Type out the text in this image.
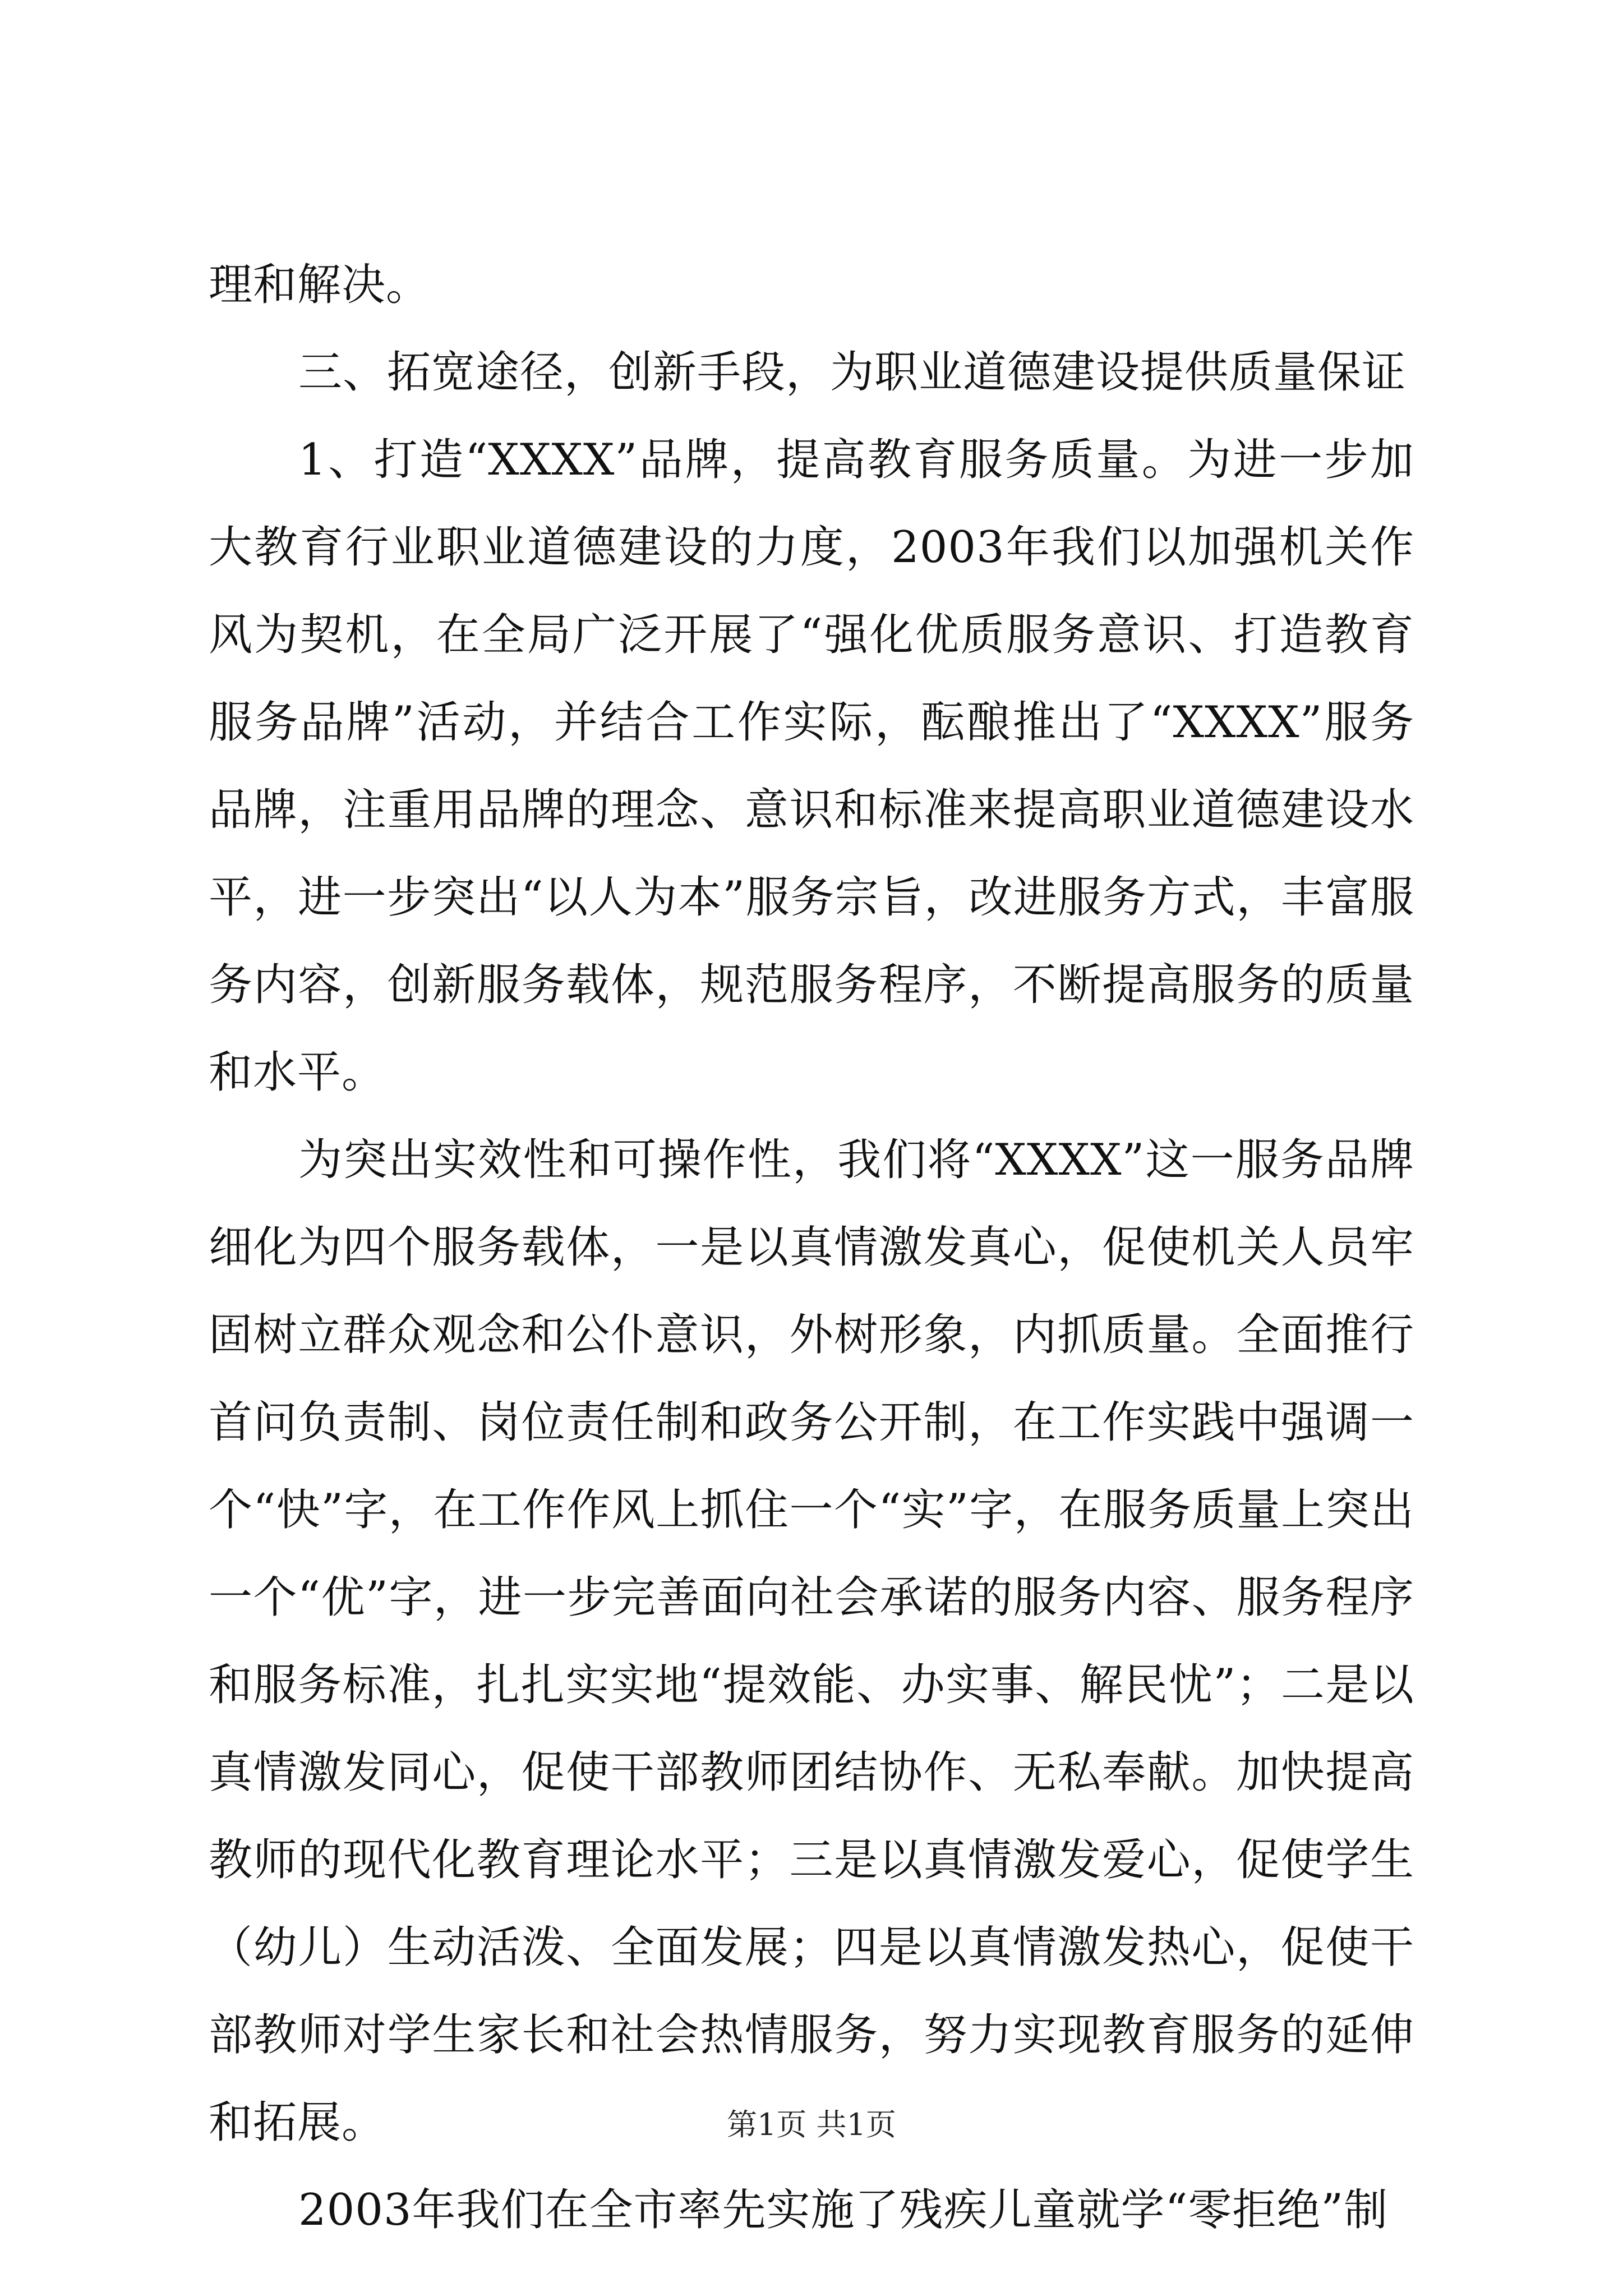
理和解决。

三、拓宽途径，创新手段，为职业道德建设提供质量保证

1、打造“XXXX”品牌，提高教育服务质量。为进一步加大教育行业职业道德建设的力度，2003年我们以加强机关作风为契机，在全局广泛开展了“强化优质服务意识、打造教育服务品牌”活动，并结合工作实际，酝酿推出了“XXXX”服务品牌，注重用品牌的理念、意识和标准来提高职业道德建设水平，进一步突出“以人为本”服务宗旨，改进服务方式，丰富服务内容，创新服务载体，规范服务程序，不断提高服务的质量和水平。

为突出实效性和可操作性，我们将“XXXX”这一服务品牌细化为四个服务载体，一是以真情激发真心，促使机关人员牢固树立群众观念和公仆意识，外树形象，内抓质量。全面推行首问负责制、岗位责任制和政务公开制，在工作实践中强调一个“快”字，在工作作风上抓住一个“实”字，在服务质量上突出一个“优”字，进一步完善面向社会承诺的服务内容、服务程序和服务标准，扎扎实实地“提效能、办实事、解民忧”；二是以真情激发同心，促使干部教师团结协作、无私奉献。加快提高教师的现代化教育理论水平；三是以真情激发爱心，促使学生（幼儿）生动活泼、全面发展；四是以真情激发热心，促使干部教师对学生家长和社会热情服务，努力实现教育服务的延伸和拓展。

2003年我们在全市率先实施了残疾儿童就学“零拒绝”制

第1页 共1页
